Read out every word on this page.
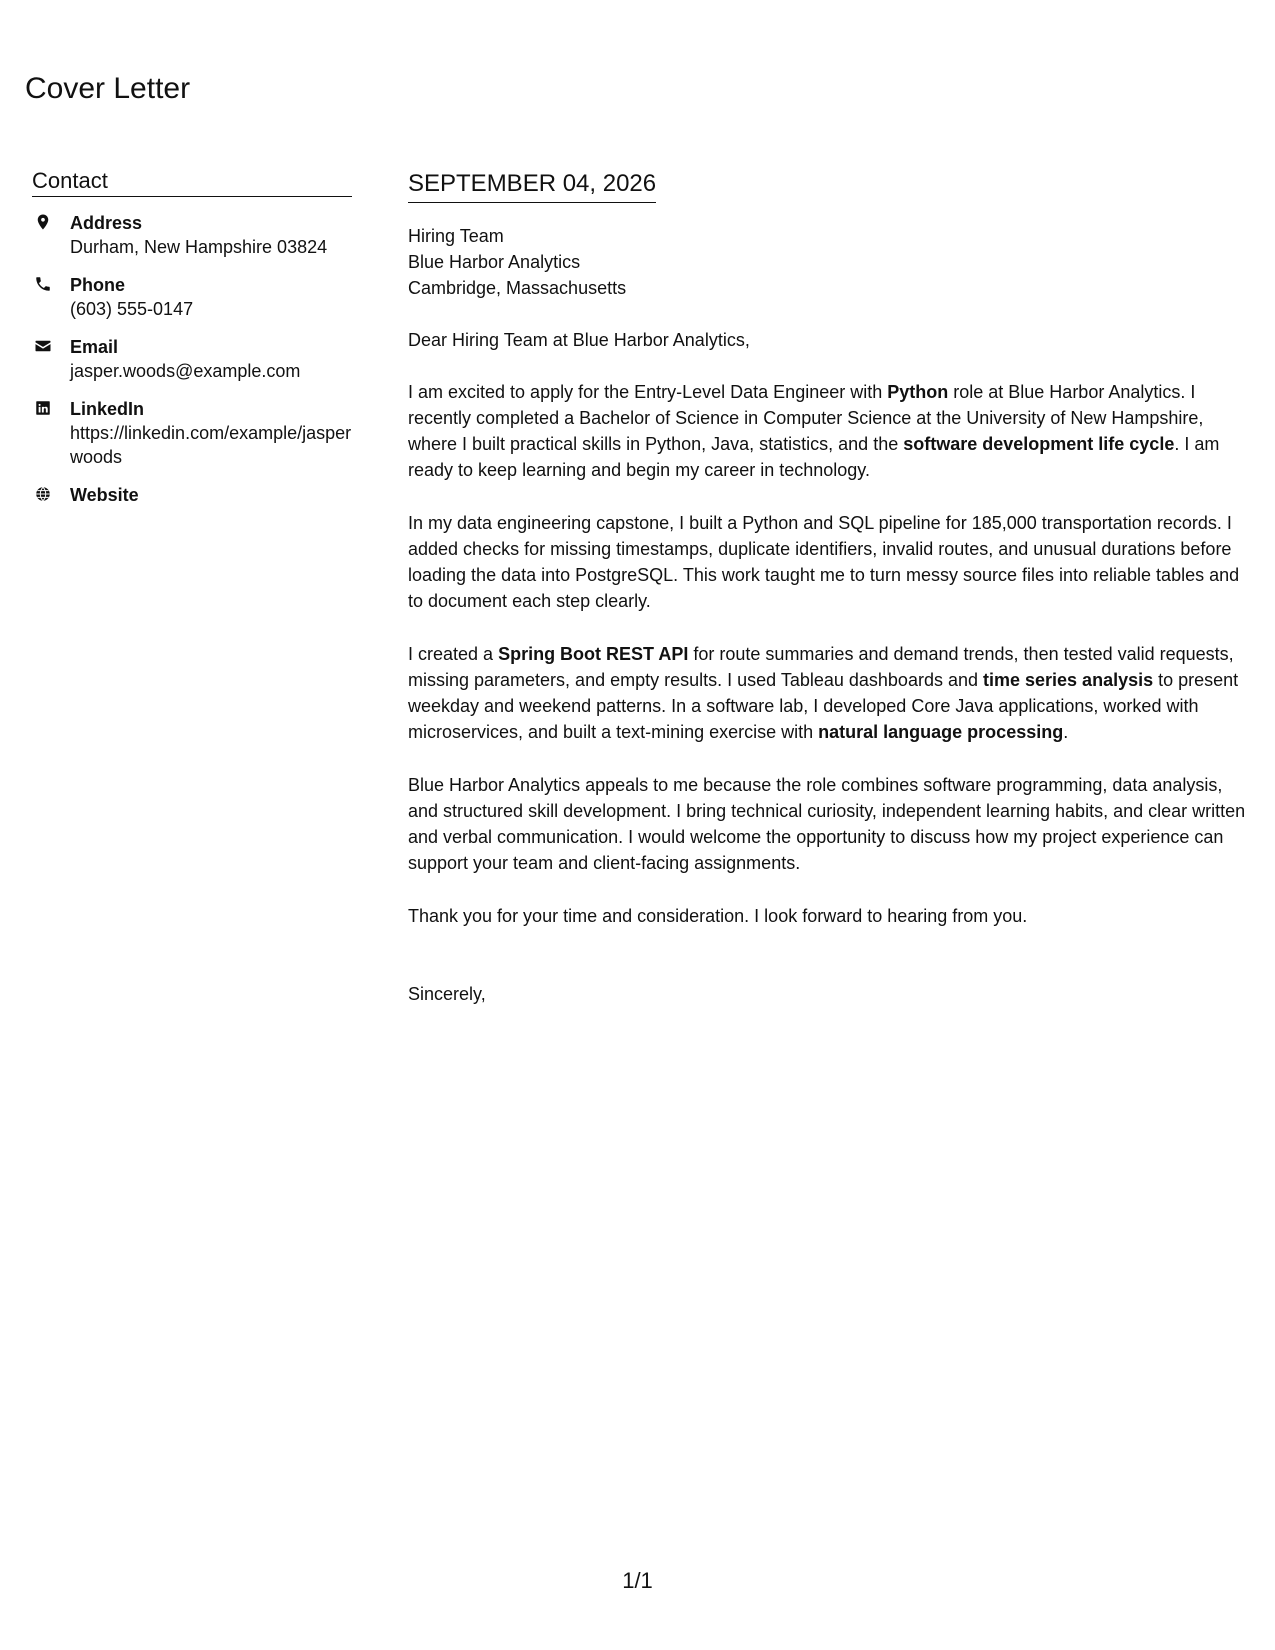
Cover Letter
Contact
Address
Durham, New Hampshire 03824
Phone
(603) 555-0147
Email
jasper.woods@example.com
LinkedIn
https://linkedin.com/example/jasperwoods
Website
SEPTEMBER 04, 2026
Hiring Team
Blue Harbor Analytics
Cambridge, Massachusetts

Dear Hiring Team at Blue Harbor Analytics,

I am excited to apply for the Entry-Level Data Engineer with Python role at Blue Harbor Analytics. I recently completed a Bachelor of Science in Computer Science at the University of New Hampshire, where I built practical skills in Python, Java, statistics, and the software development life cycle. I am ready to keep learning and begin my career in technology.

In my data engineering capstone, I built a Python and SQL pipeline for 185,000 transportation records. I added checks for missing timestamps, duplicate identifiers, invalid routes, and unusual durations before loading the data into PostgreSQL. This work taught me to turn messy source files into reliable tables and to document each step clearly.

I created a Spring Boot REST API for route summaries and demand trends, then tested valid requests, missing parameters, and empty results. I used Tableau dashboards and time series analysis to present weekday and weekend patterns. In a software lab, I developed Core Java applications, worked with microservices, and built a text-mining exercise with natural language processing.

Blue Harbor Analytics appeals to me because the role combines software programming, data analysis, and structured skill development. I bring technical curiosity, independent learning habits, and clear written and verbal communication. I would welcome the opportunity to discuss how my project experience can support your team and client-facing assignments.

Thank you for your time and consideration. I look forward to hearing from you.

Sincerely,

1/1
